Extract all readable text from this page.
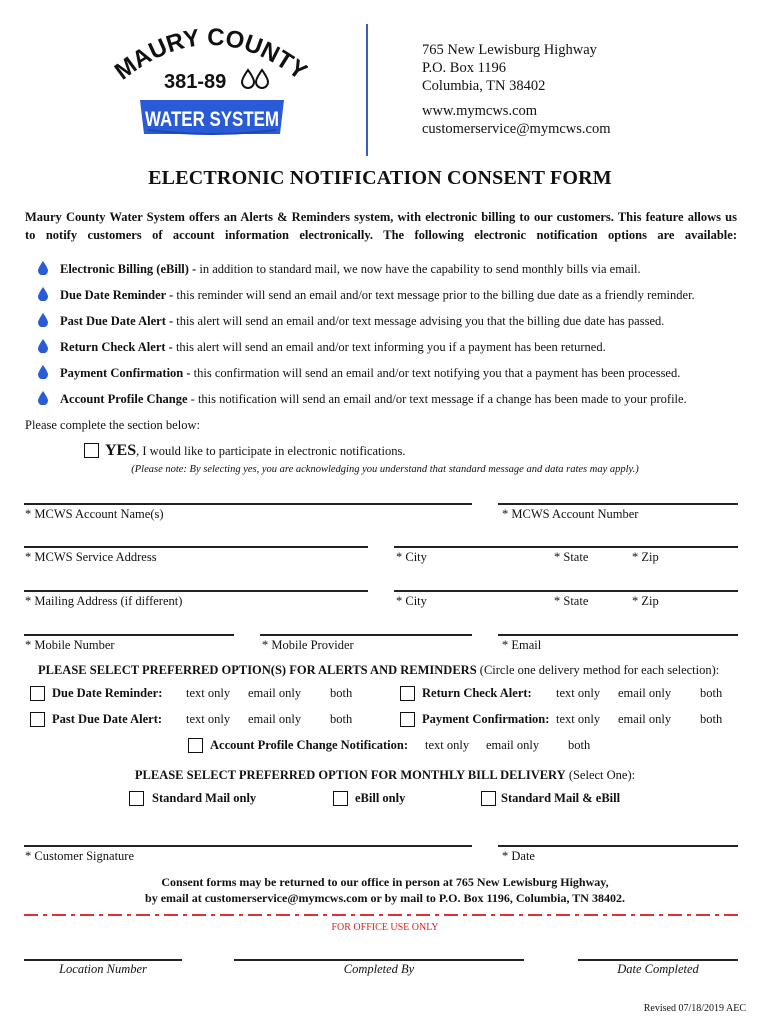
MAURY COUNT
381-89
WATER SYSTEM
765 New Lewisburg Highway
P.O. Box 1196
Columbia, TN 38402
www.mymcws.com
customerservice@mymcws.com
ELECTRONIC NOTIFICATION CONSENT FORM
Maury County Water System offers an Alerts & Reminders system, with electronic billing to our customers. This feature allows us
to notify customers of account information electronically. The following electronic notification options are available:
Electronic Billing (eBill) - in addition to standard mail, we now have the capability to send monthly bills via email.
Due Date Reminder - this reminder will send an email and/or text message prior to the billing due date as a friendly reminder.
Past Due Date Alert - this alert will send an email and/or text message advising you that the billing due date has passed.
Return Check Alert - this alert will send an email and/or text informing you if a payment has been returned.
Payment Confirmation - this confirmation will send an email and/or text notifying you that a payment has been processed.
Account Profile Change - this notification will send an email and/or text message if a change has been made to your profile.
Please complete the section below:
YES, I would like to participate in electronic notifications.
(Please note: By selecting yes, you are acknowledging you understand that standard message and data rates may apply.)
* MCWS Account Name(s)	* MCWS Account Number
* MCWS Service Address	* City	* State	* Zip
* Mailing Address (if different)	* City	* State	* Zip
* Mobile Number	* Mobile Provider	* Email
PLEASE SELECT PREFERRED OPTION(S) FOR ALERTS AND REMINDERS (Circle one delivery method for each selection):
Due Date Reminder: text only email only both	Return Check Alert: text only email only both
Past Due Date Alert: text only email only both	Payment Confirmation: text only email only both
Account Profile Change Notification: text only email only both
PLEASE SELECT PREFERRED OPTION FOR MONTHLY BILL DELIVERY (Select One):
Standard Mail only	eBill only	Standard Mail & eBill
* Customer Signature	* Date
Consent forms may be returned to our office in person at 765 New Lewisburg Highway,
by email at customerservice@mymcws.com or by mail to P.O. Box 1196, Columbia, TN 38402.
FOR OFFICE USE ONLY
Location Number	Completed By	Date Completed
Revised 07/18/2019 AEC
